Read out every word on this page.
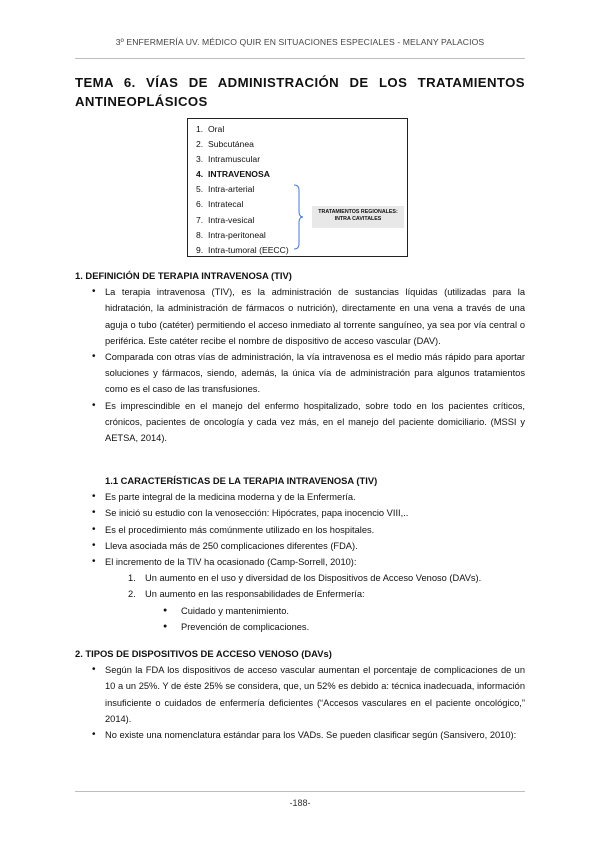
3º ENFERMERÍA UV. MÉDICO QUIR EN SITUACIONES ESPECIALES - MELANY PALACIOS
TEMA 6. VÍAS DE ADMINISTRACIÓN DE LOS TRATAMIENTOS ANTINEOPLÁSICOS
1. Oral
2. Subcutánea
3. Intramuscular
4. INTRAVENOSA
5. Intra-arterial
6. Intratecal
7. Intra-vesical
8. Intra-peritoneal
9. Intra-tumoral (EECC)
TRATAMIENTOS REGIONALES:
INTRA CAVITALES
1. DEFINICIÓN DE TERAPIA INTRAVENOSA (TIV)
• La terapia intravenosa (TIV), es la administración de sustancias líquidas (utilizadas para la hidratación, la administración de fármacos o nutrición), directamente en una vena a través de una aguja o tubo (catéter) permitiendo el acceso inmediato al torrente sanguíneo, ya sea por vía central o periférica. Este catéter recibe el nombre de dispositivo de acceso vascular (DAV).
• Comparada con otras vías de administración, la vía intravenosa es el medio más rápido para aportar soluciones y fármacos, siendo, además, la única vía de administración para algunos tratamientos como es el caso de las transfusiones.
• Es imprescindible en el manejo del enfermo hospitalizado, sobre todo en los pacientes críticos, crónicos, pacientes de oncología y cada vez más, en el manejo del paciente domiciliario. (MSSI y AETSA, 2014).
1.1 CARACTERÍSTICAS DE LA TERAPIA INTRAVENOSA (TIV)
• Es parte integral de la medicina moderna y de la Enfermería.
• Se inició su estudio con la venosección: Hipócrates, papa inocencio VIII,..
• Es el procedimiento más comúnmente utilizado en los hospitales.
• Lleva asociada más de 250 complicaciones diferentes (FDA).
• El incremento de la TIV ha ocasionado (Camp-Sorrell, 2010):
1. Un aumento en el uso y diversidad de los Dispositivos de Acceso Venoso (DAVs).
2. Un aumento en las responsabilidades de Enfermería:
● Cuidado y mantenimiento.
● Prevención de complicaciones.
2. TIPOS DE DISPOSITIVOS DE ACCESO VENOSO (DAVs)
• Según la FDA los dispositivos de acceso vascular aumentan el porcentaje de complicaciones de un 10 a un 25%. Y de éste 25% se considera, que, un 52% es debido a: técnica inadecuada, información insuficiente o cuidados de enfermería deficientes (“Accesos vasculares en el paciente oncológico,” 2014).
• No existe una nomenclatura estándar para los VADs. Se pueden clasificar según (Sansivero, 2010):
-188-
